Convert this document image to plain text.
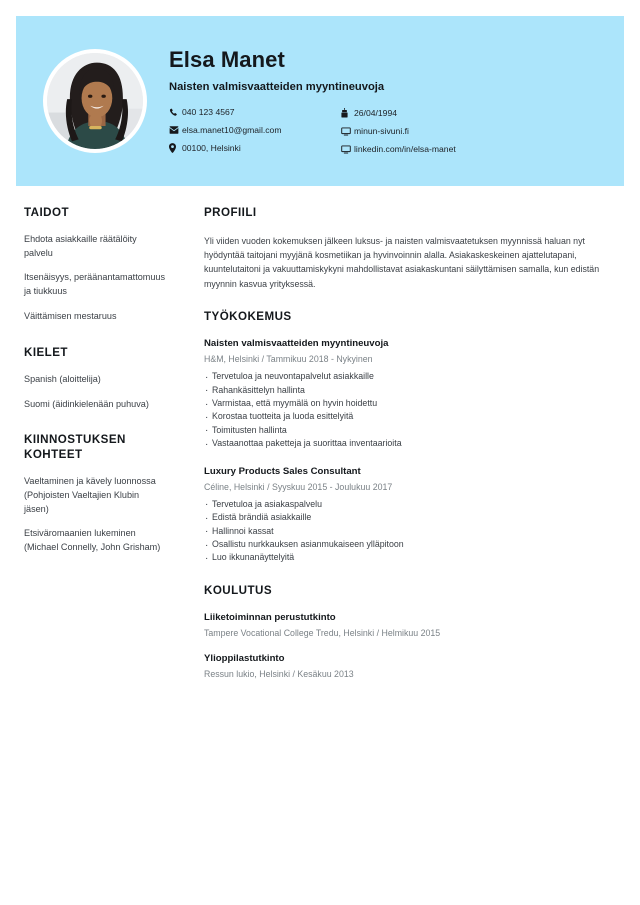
Elsa Manet
Naisten valmisvaatteiden myyntineuvoja
040 123 4567
elsa.manet10@gmail.com
00100, Helsinki
26/04/1994
minun-sivuni.fi
linkedin.com/in/elsa-manet
TAIDOT
Ehdota asiakkaille räätälöity palvelu
Itsenäisyys, peräänantamattomuus ja tiukkuus
Väittämisen mestaruus
KIELET
Spanish (aloittelija)
Suomi (äidinkielenään puhuva)
KIINNOSTUKSEN KOHTEET
Vaeltaminen ja kävely luonnossa (Pohjoisten Vaeltajien Klubin jäsen)
Etsiväromaanien lukeminen (Michael Connelly, John Grisham)
PROFIILI

Yli viiden vuoden kokemuksen jälkeen luksus- ja naisten valmisvaatetuksen myynnissä haluan nyt hyödyntää taitojani myyjänä kosmetiikan ja hyvinvoinnin alalla. Asiakaskeskeinen ajattelutapani, kuuntelutaitoni ja vakuuttamiskykyni mahdollistavat asiakaskuntani säilyttämisen samalla, kun edistän myynnin kasvua yrityksessä.

TYÖKOKEMUS
Naisten valmisvaatteiden myyntineuvoja
H&M, Helsinki / Tammikuu 2018 - Nykyinen
· Tervetuloa ja neuvontapalvelut asiakkaille
· Rahankäsittelyn hallinta
· Varmistaa, että myymälä on hyvin hoidettu
· Korostaa tuotteita ja luoda esittelyitä
· Toimitusten hallinta
· Vastaanottaa paketteja ja suorittaa inventaarioita
Luxury Products Sales Consultant
Céline, Helsinki / Syyskuu 2015 - Joulukuu 2017
· Tervetuloa ja asiakaspalvelu
· Edistä brändiä asiakkaille
· Hallinnoi kassat
· Osallistu nurkkauksen asianmukaiseen ylläpitoon
· Luo ikkunanäyttelyitä
KOULUTUS
Liiketoiminnan perustutkinto
Tampere Vocational College Tredu, Helsinki / Helmikuu 2015
Ylioppilastutkinto
Ressun lukio, Helsinki / Kesäkuu 2013
